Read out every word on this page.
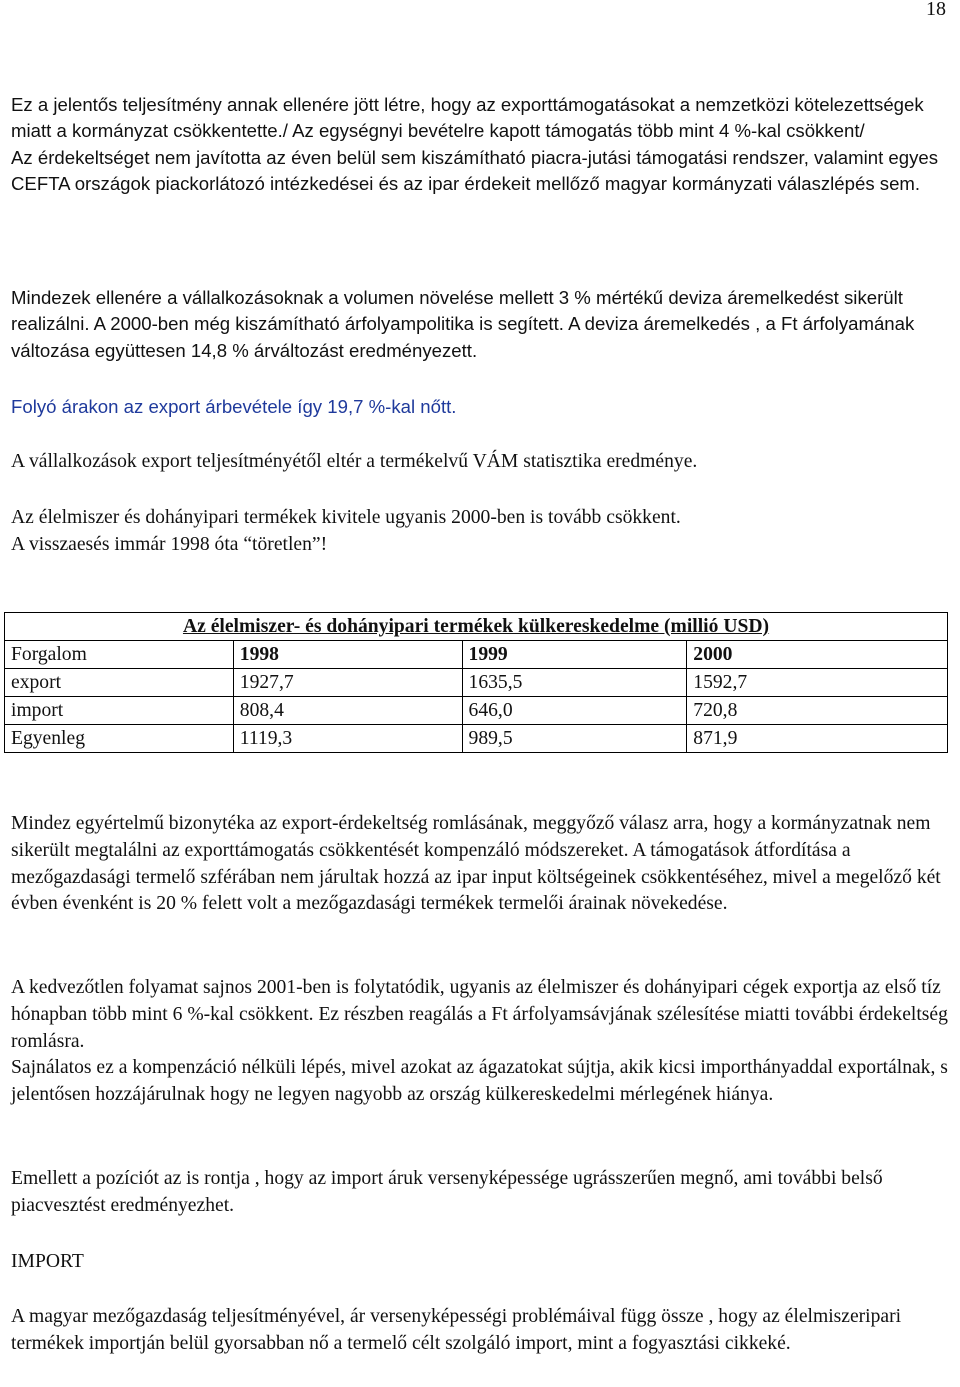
18

Ez a jelentős teljesítmény annak ellenére jött létre, hogy az exporttámogatásokat a nemzetközi kötelezettségek miatt a kormányzat csökkentette./ Az egységnyi bevételre kapott támogatás több mint 4 %-kal csökkent/

Az érdekeltséget nem javította az éven belül sem kiszámítható piacra-jutási támogatási rendszer, valamint egyes CEFTA országok piackorlátozó intézkedései és az ipar érdekeit mellőző magyar kormányzati válaszlépés sem.

Mindezek ellenére a vállalkozásoknak a volumen növelése mellett 3 % mértékű deviza áremelkedést sikerült realizálni. A 2000-ben még kiszámítható árfolyampolitika is segített. A deviza áremelkedés , a Ft árfolyamának változása együttesen 14,8 % árváltozást eredményezett.

Folyó árakon az export árbevétele így 19,7 %-kal nőtt.

A vállalkozások export teljesítményétől eltér a termékelvű VÁM statisztika eredménye.

Az élelmiszer és dohányipari termékek kivitele ugyanis 2000-ben is tovább csökkent.

A visszaesés immár 1998 óta “töretlen”!

Az élelmiszer- és dohányipari termékek külkereskedelme (millió USD)			
Forgalom	1998	1999	2000
export	1927,7	1635,5	1592,7
import	808,4	646,0	720,8
Egyenleg	1119,3	989,5	871,9

Mindez egyértelmű bizonytéka az export-érdekeltség romlásának, meggyőző válasz arra, hogy a kormányzatnak nem sikerült megtalálni az exporttámogatás csökkentését kompenzáló módszereket. A támogatások átfordítása a mezőgazdasági termelő szférában nem járultak hozzá az ipar input költségeinek csökkentéséhez, mivel a megelőző két évben évenként is 20 % felett volt a mezőgazdasági termékek termelői árainak növekedése.

A kedvezőtlen folyamat sajnos 2001-ben is folytatódik, ugyanis az élelmiszer és dohányipari cégek exportja az első tíz hónapban több mint 6 %-kal csökkent. Ez részben reagálás a Ft árfolyamsávjának szélesítése miatti további érdekeltség romlásra.

Sajnálatos ez a kompenzáció nélküli lépés, mivel azokat az ágazatokat sújtja, akik kicsi importhányaddal exportálnak, s jelentősen hozzájárulnak hogy ne legyen nagyobb az ország külkereskedelmi mérlegének hiánya.

Emellett a pozíciót az is rontja , hogy az import áruk versenyképessége ugrásszerűen megnő, ami további belső piacvesztést eredményezhet.

IMPORT

A magyar mezőgazdaság teljesítményével, ár versenyképességi problémáival függ össze , hogy az élelmiszeripari termékek importján belül gyorsabban nő a termelő célt szolgáló import, mint a fogyasztási cikkeké.
